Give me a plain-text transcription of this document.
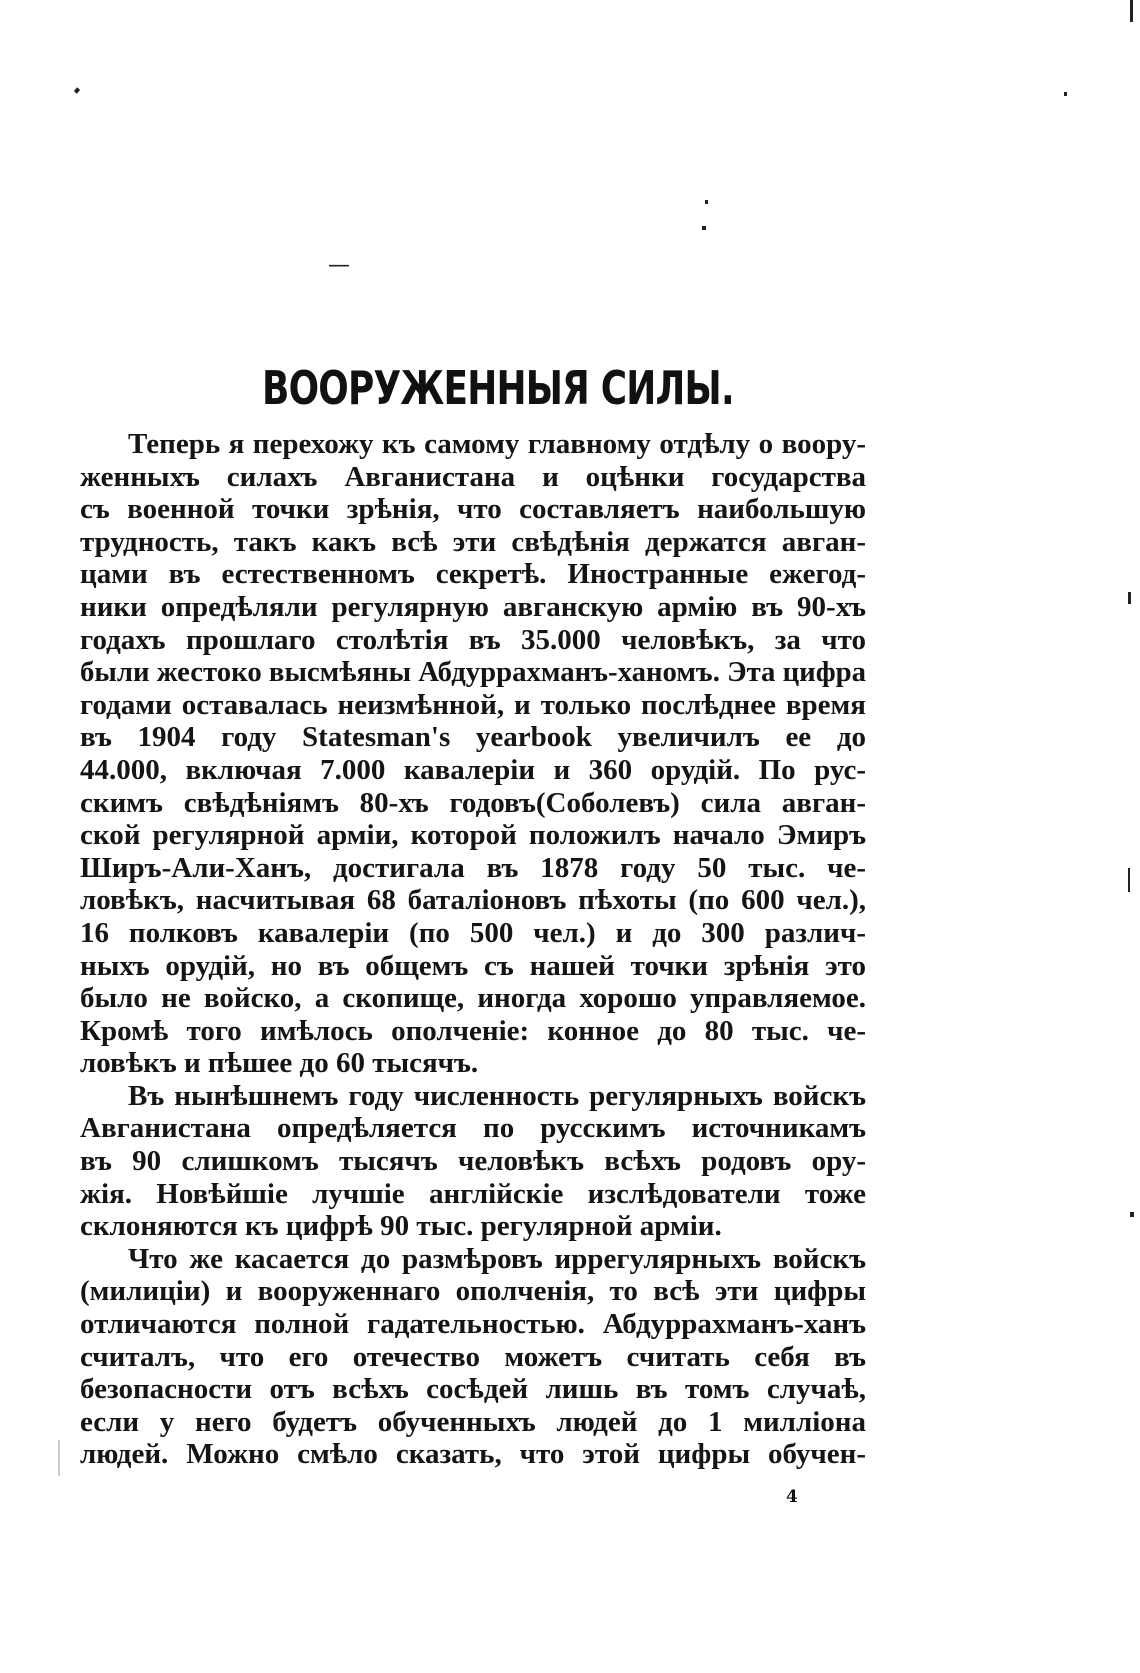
—
ВООРУЖЕННЫЯ СИЛЫ.
Теперь я перехожу къ самому главному отдѣлу о воору-
женныхъ силахъ Авганистана и оцѣнки государства
съ военной точки зрѣнія, что составляетъ наибольшую
трудность, такъ какъ всѣ эти свѣдѣнія держатся авган-
цами въ естественномъ секретѣ. Иностранные ежегод-
ники опредѣляли регулярную авганскую армію въ 90-хъ
годахъ прошлаго столѣтія въ 35.000 человѣкъ, за что
были жестоко высмѣяны Абдуррахманъ-ханомъ. Эта цифра
годами оставалась неизмѣнной, и только послѣднее время
въ 1904 году Statesman's yearbook увеличилъ ее до
44.000, включая 7.000 кавалеріи и 360 орудій. По рус-
скимъ свѣдѣніямъ 80-хъ годовъ(Соболевъ) сила авган-
ской регулярной арміи, которой положилъ начало Эмиръ
Ширъ-Али-Ханъ, достигала въ 1878 году 50 тыс. че-
ловѣкъ, насчитывая 68 баталіоновъ пѣхоты (по 600 чел.),
16 полковъ кавалеріи (по 500 чел.) и до 300 различ-
ныхъ орудій, но въ общемъ съ нашей точки зрѣнія это
было не войско, а скопище, иногда хорошо управляемое.
Кромѣ того имѣлось ополченіе: конное до 80 тыс. че-
ловѣкъ и пѣшее до 60 тысячъ.
Въ нынѣшнемъ году численность регулярныхъ войскъ
Авганистана опредѣляется по русскимъ источникамъ
въ 90 слишкомъ тысячъ человѣкъ всѣхъ родовъ ору-
жія. Новѣйшіе лучшіе англійскіе изслѣдователи тоже
склоняются къ цифрѣ 90 тыс. регулярной арміи.
Что же касается до размѣровъ иррегулярныхъ войскъ
(милиціи) и вооруженнаго ополченія, то всѣ эти цифры
отличаются полной гадательностью. Абдуррахманъ-ханъ
считалъ, что его отечество можетъ считать себя въ
безопасности отъ всѣхъ сосѣдей лишь въ томъ случаѣ,
если у него будетъ обученныхъ людей до 1 милліона
людей. Можно смѣло сказать, что этой цифры обучен-
4
